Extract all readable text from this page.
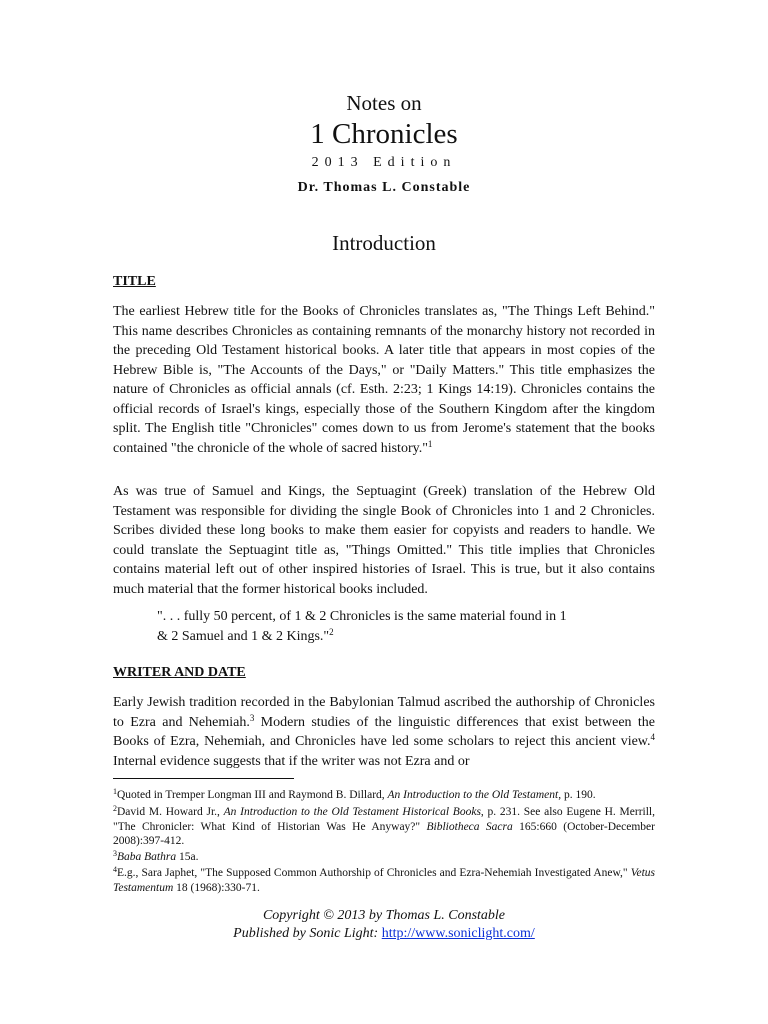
Notes on
1 Chronicles
2013 Edition
Dr. Thomas L. Constable
Introduction
TITLE

The earliest Hebrew title for the Books of Chronicles translates as, "The Things Left Behind." This name describes Chronicles as containing remnants of the monarchy history not recorded in the preceding Old Testament historical books. A later title that appears in most copies of the Hebrew Bible is, "The Accounts of the Days," or "Daily Matters." This title emphasizes the nature of Chronicles as official annals (cf. Esth. 2:23; 1 Kings 14:19). Chronicles contains the official records of Israel's kings, especially those of the Southern Kingdom after the kingdom split. The English title "Chronicles" comes down to us from Jerome's statement that the books contained "the chronicle of the whole of sacred history."$^1$

As was true of Samuel and Kings, the Septuagint (Greek) translation of the Hebrew Old Testament was responsible for dividing the single Book of Chronicles into 1 and 2 Chronicles. Scribes divided these long books to make them easier for copyists and readers to handle. We could translate the Septuagint title as, "Things Omitted." This title implies that Chronicles contains material left out of other inspired histories of Israel. This is true, but it also contains much material that the former historical books included.

". . . fully 50 percent, of 1 & 2 Chronicles is the same material found in 1
& 2 Samuel and 1 & 2 Kings."$^2$
WRITER AND DATE

Early Jewish tradition recorded in the Babylonian Talmud ascribed the authorship of Chronicles to Ezra and Nehemiah.$^3$ Modern studies of the linguistic differences that exist between the Books of Ezra, Nehemiah, and Chronicles have led some scholars to reject this ancient view.$^4$ Internal evidence suggests that if the writer was not Ezra and or

$^1$Quoted in Tremper Longman III and Raymond B. Dillard, An Introduction to the Old Testament, p. 190.
$^2$David M. Howard Jr., An Introduction to the Old Testament Historical Books, p. 231. See also Eugene H. Merrill, "The Chronicler: What Kind of Historian Was He Anyway?" Bibliotheca Sacra 165:660 (October-December 2008):397-412.
$^3$Baba Bathra 15a.
$^4$E.g., Sara Japhet, "The Supposed Common Authorship of Chronicles and Ezra-Nehemiah Investigated Anew," Vetus Testamentum 18 (1968):330-71.
Copyright © 2013 by Thomas L. Constable
Published by Sonic Light: http://www.soniclight.com/
